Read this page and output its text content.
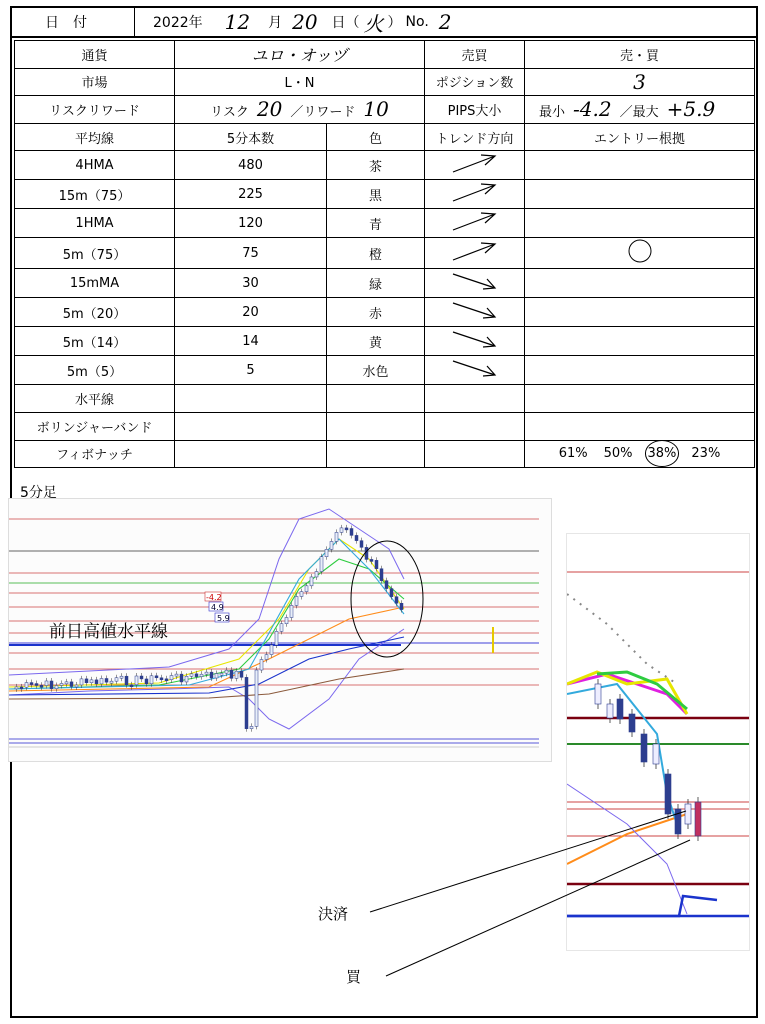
日付	2022年 12 月 20 日（ 火 ） No. 2
通貨	ユロ・オッヅ		売買	売・買
市場	L・N		ポジション数	3
リスクリワード	リスク 20 ／リワード 10		PIPS大小	最小 -4.2 ／最大 +5.9
平均線	5分本数	色	トレンド方向	エントリー根拠
4HMA	480	茶		
15m（75）	225	黒		
1HMA	120	青		
5m（75）	75	橙		
15mMA	30	緑		
5m（20）	20	赤		
5m（14）	14	黄		
5m（5）	5	水色		
水平線				
ボリンジャーバンド				
フィボナッチ				61% 50% 38% 23%
5分足
-4.2
4.9
5.9
前日高値水平線
決済
買
